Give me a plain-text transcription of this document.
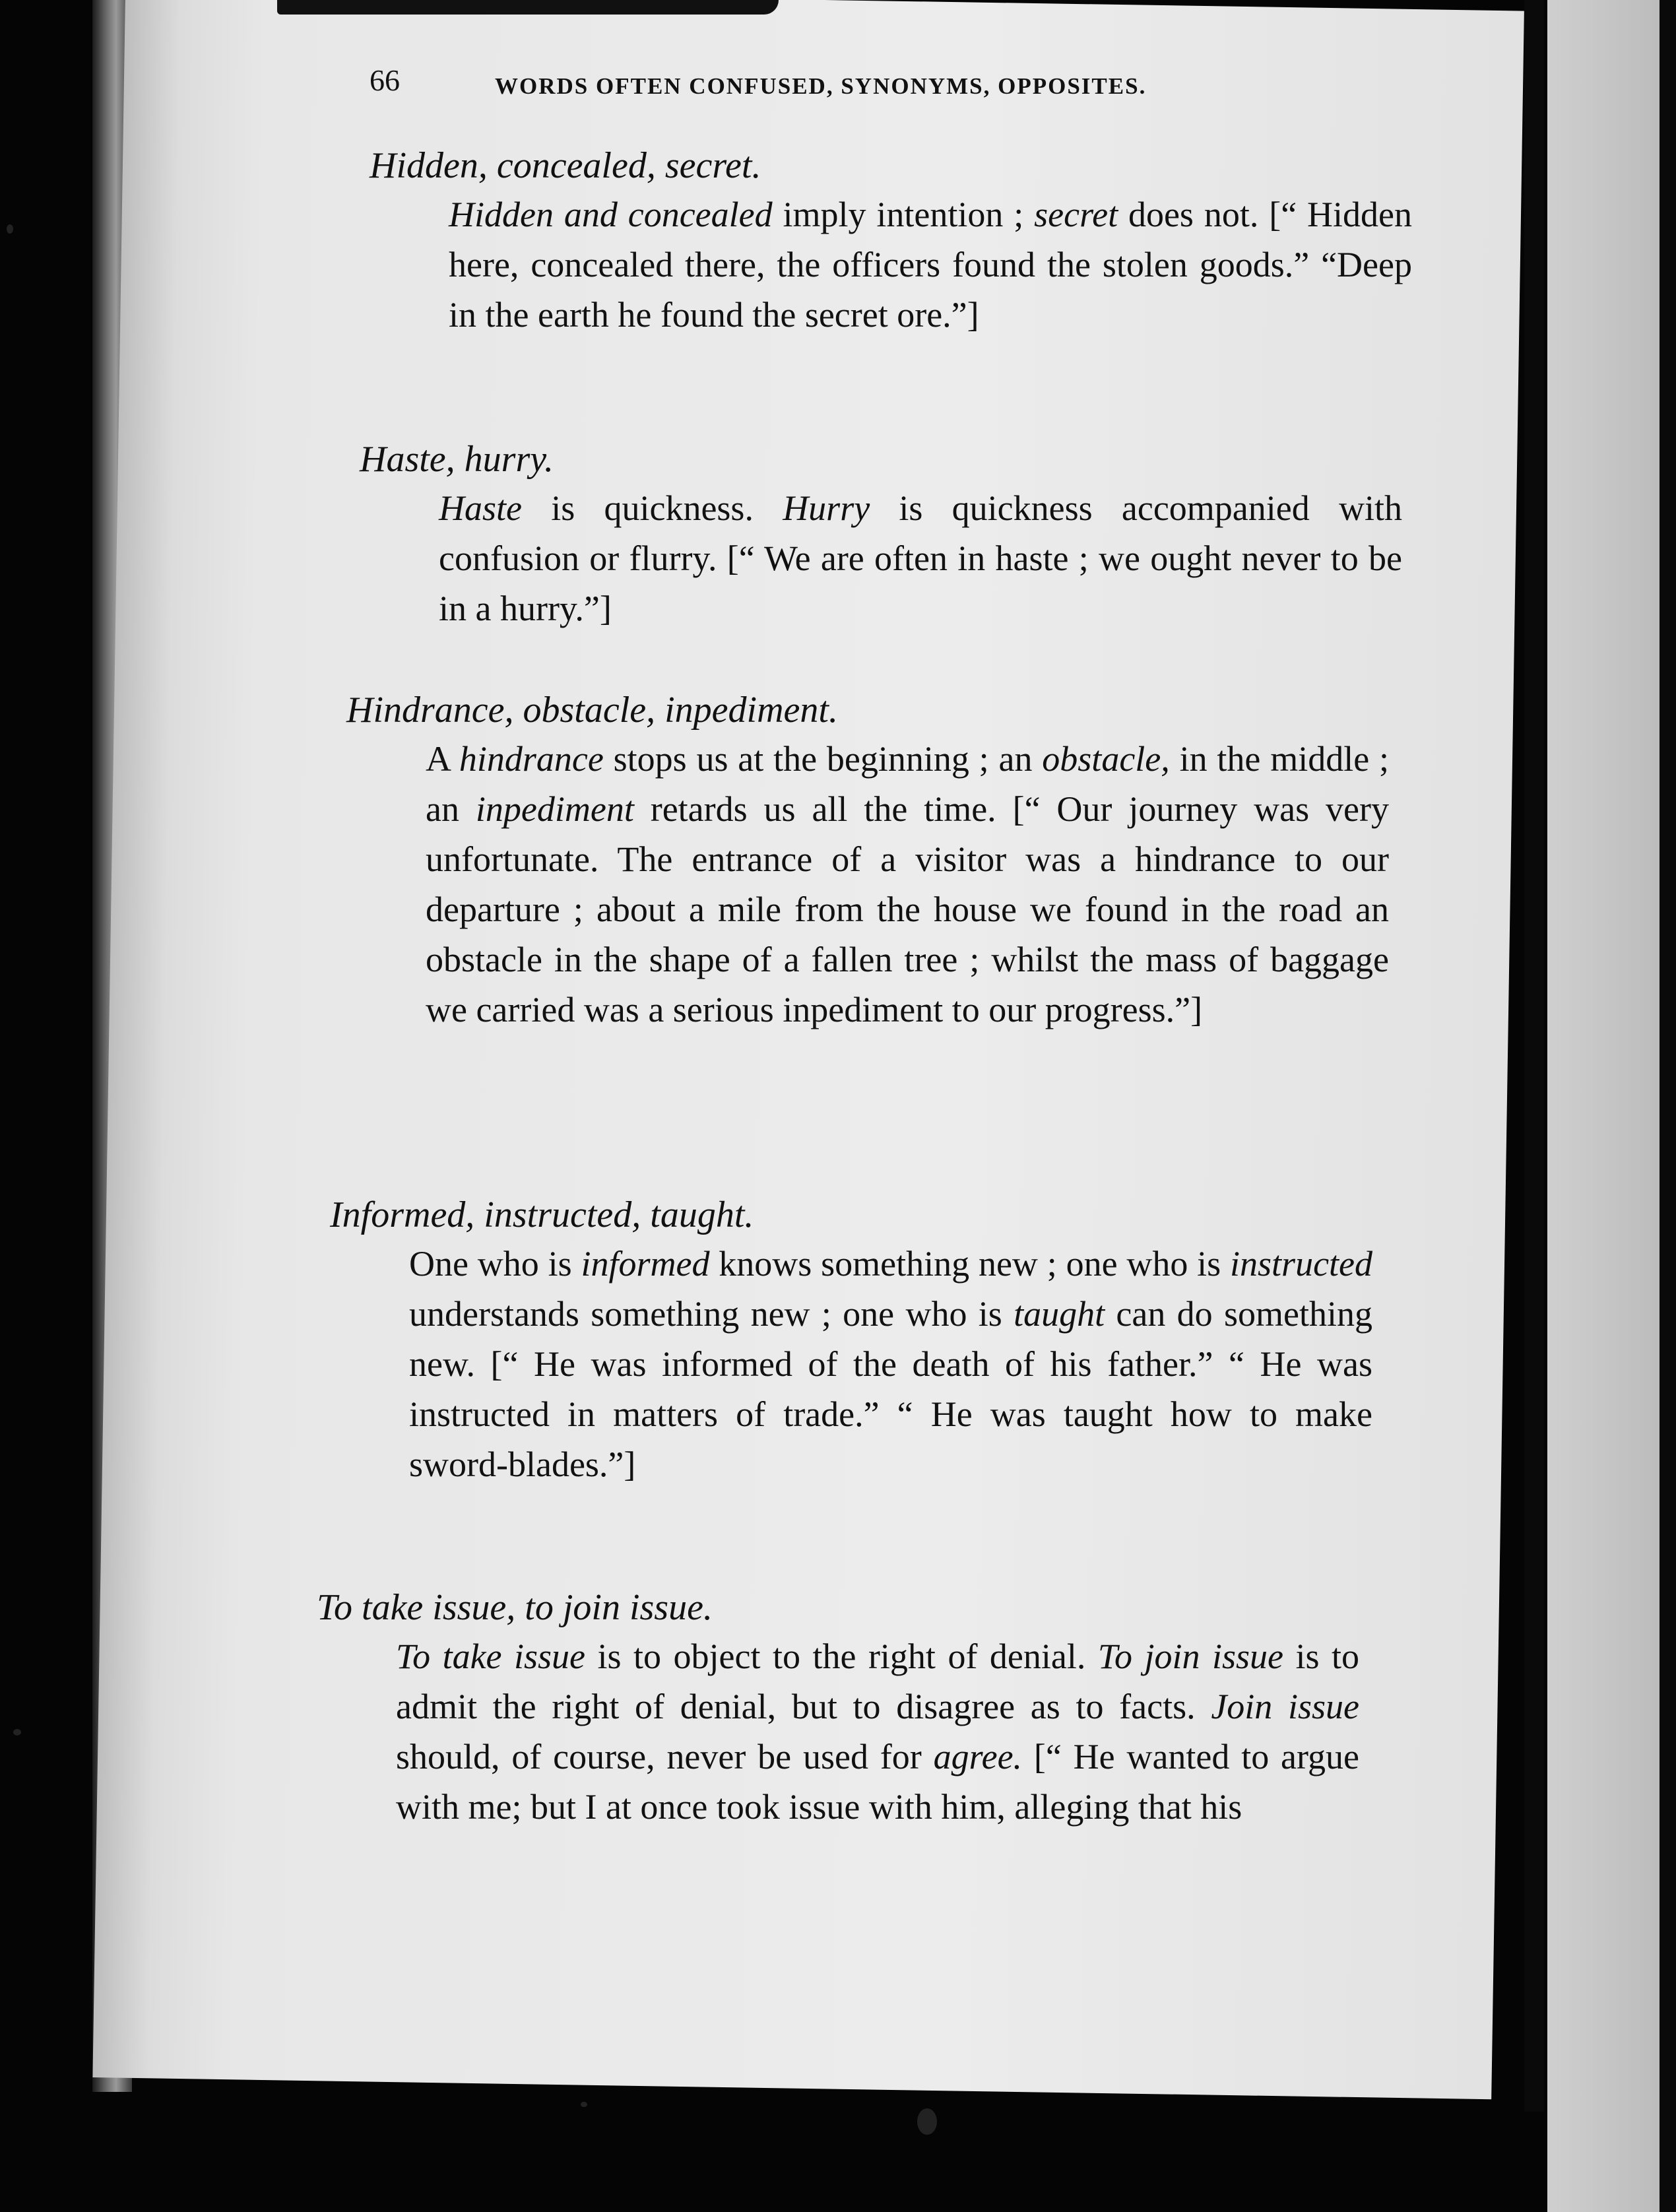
66	WORDS OFTEN CONFUSED, SYNONYMS, OPPOSITES.

Hidden, concealed, secret.

Hidden and concealed imply intention ; secret does not. [“ Hidden here, concealed there, the officers found the stolen goods.” “Deep in the earth he found the secret ore.”]

Haste, hurry.

Haste is quickness. Hurry is quickness accompanied with confusion or flurry. [“ We are often in haste ; we ought never to be in a hurry.”]

Hindrance, obstacle, inpediment.

A hindrance stops us at the beginning ; an obstacle, in the middle ; an inpediment retards us all the time. [“ Our journey was very unfortunate. The entrance of a visitor was a hindrance to our departure ; about a mile from the house we found in the road an obstacle in the shape of a fallen tree ; whilst the mass of baggage we carried was a serious inpediment to our progress.”]

Informed, instructed, taught.

One who is informed knows something new ; one who is instructed understands something new ; one who is taught can do something new. [“ He was informed of the death of his father.” “ He was instructed in matters of trade.” “ He was taught how to make sword-blades.”]

To take issue, to join issue.

To take issue is to object to the right of denial. To join issue is to admit the right of denial, but to disagree as to facts. Join issue should, of course, never be used for agree. [“ He wanted to argue with me; but I at once took issue with him, alleging that his
